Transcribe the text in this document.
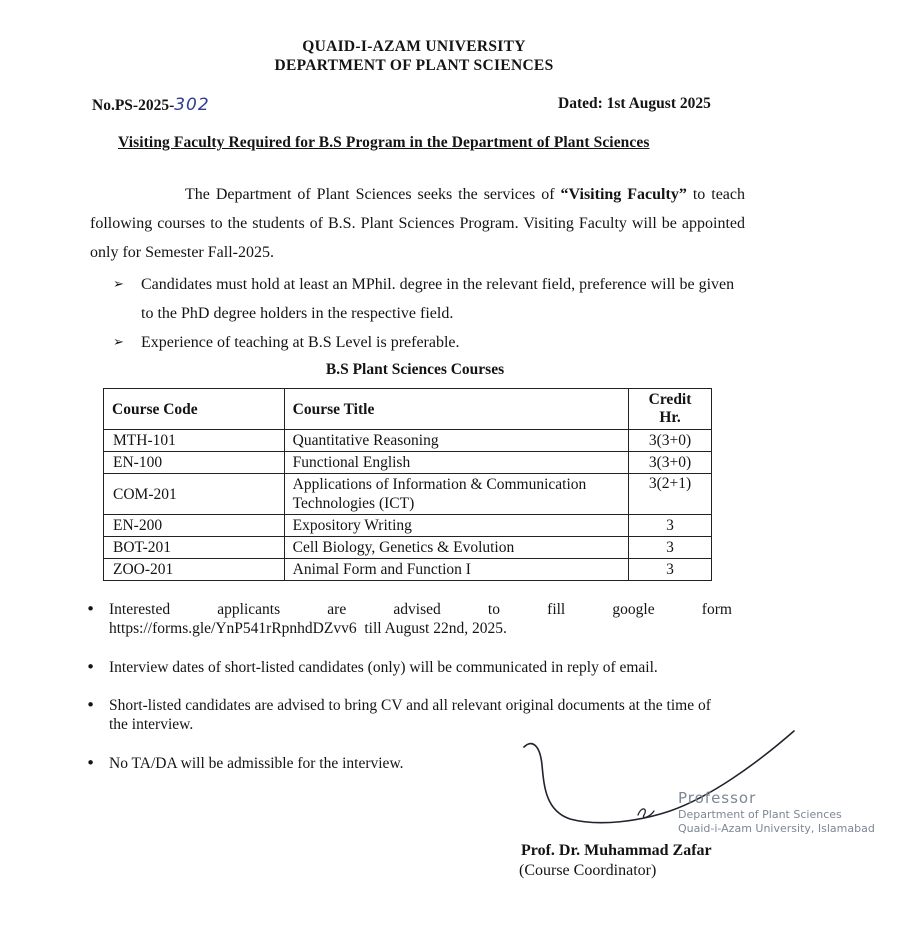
QUAID-I-AZAM UNIVERSITY
DEPARTMENT OF PLANT SCIENCES
No.PS-2025-302	Dated: 1st August 2025
Visiting Faculty Required for B.S Program in the Department of Plant Sciences
The Department of Plant Sciences seeks the services of “Visiting Faculty” to teach following courses to the students of B.S. Plant Sciences Program. Visiting Faculty will be appointed only for Semester Fall-2025.
➢ Candidates must hold at least an MPhil. degree in the relevant field, preference will be given to the PhD degree holders in the respective field.
➢ Experience of teaching at B.S Level is preferable.
B.S Plant Sciences Courses
Course Code	Course Title	Credit Hr.
MTH-101	Quantitative Reasoning	3(3+0)
EN-100	Functional English	3(3+0)
COM-201	Applications of Information & Communication Technologies (ICT)	3(2+1)
EN-200	Expository Writing	3
BOT-201	Cell Biology, Genetics & Evolution	3
ZOO-201	Animal Form and Function I	3
• Interested	applicants	are	advised	to	fill	google	form
https://forms.gle/YnP541rRpnhdDZvv6  till August 22nd, 2025.
• Interview dates of short-listed candidates (only) will be communicated in reply of email.
• Short-listed candidates are advised to bring CV and all relevant original documents at the time of the interview.
• No TA/DA will be admissible for the interview.
Professor
Department of Plant Sciences
Quaid-i-Azam University, Islamabad
Prof. Dr. Muhammad Zafar
(Course Coordinator)
